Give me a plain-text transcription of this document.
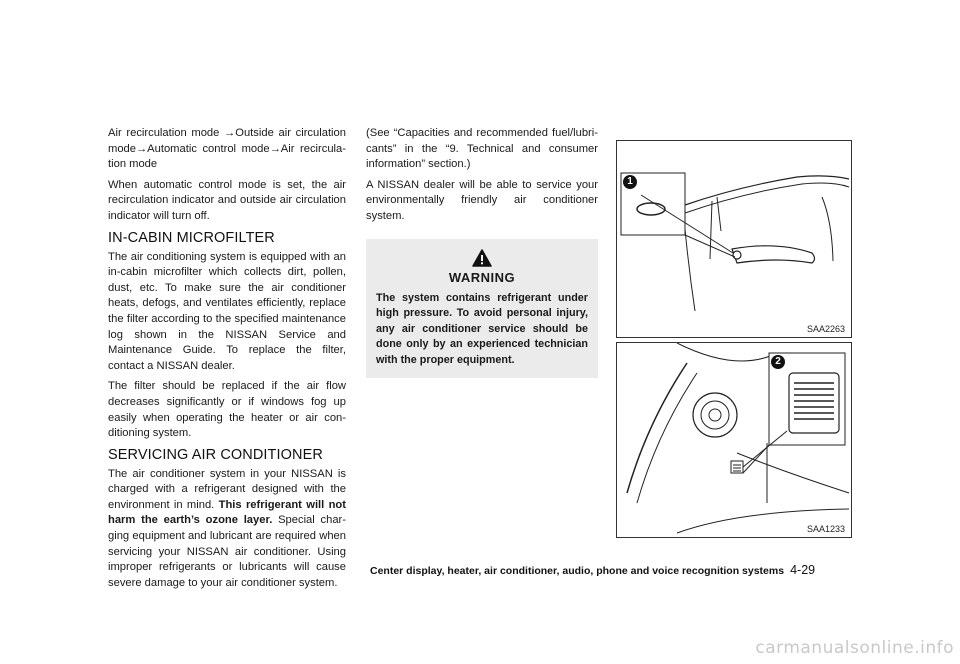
Air recirculation mode →Outside air circulation mode→Automatic control mode→Air recircula-tion mode

When automatic control mode is set, the air recirculation indicator and outside air circulation indicator will turn off.

IN-CABIN MICROFILTER

The air conditioning system is equipped with an in-cabin microfilter which collects dirt, pollen, dust, etc. To make sure the air conditioner heats, defogs, and ventilates efficiently, replace the filter according to the specified maintenance log shown in the NISSAN Service and Maintenance Guide. To replace the filter, contact a NISSAN dealer.

The filter should be replaced if the air flow decreases significantly or if windows fog up easily when operating the heater or air con-ditioning system.

SERVICING AIR CONDITIONER

The air conditioner system in your NISSAN is charged with a refrigerant designed with the environment in mind. This refrigerant will not harm the earth’s ozone layer. Special char-ging equipment and lubricant are required when servicing your NISSAN air conditioner. Using improper refrigerants or lubricants will cause severe damage to your air conditioner system.

(See “Capacities and recommended fuel/lubri-cants” in the “9. Technical and consumer information” section.)

A NISSAN dealer will be able to service your environmentally friendly air conditioner system.

WARNING
The system contains refrigerant under high pressure. To avoid personal injury, any air conditioner service should be done only by an experienced technician with the proper equipment.
1
SAA2263
2
SAA1233
Center display, heater, air conditioner, audio, phone and voice recognition systems 4-29
carmanualsonline.info
